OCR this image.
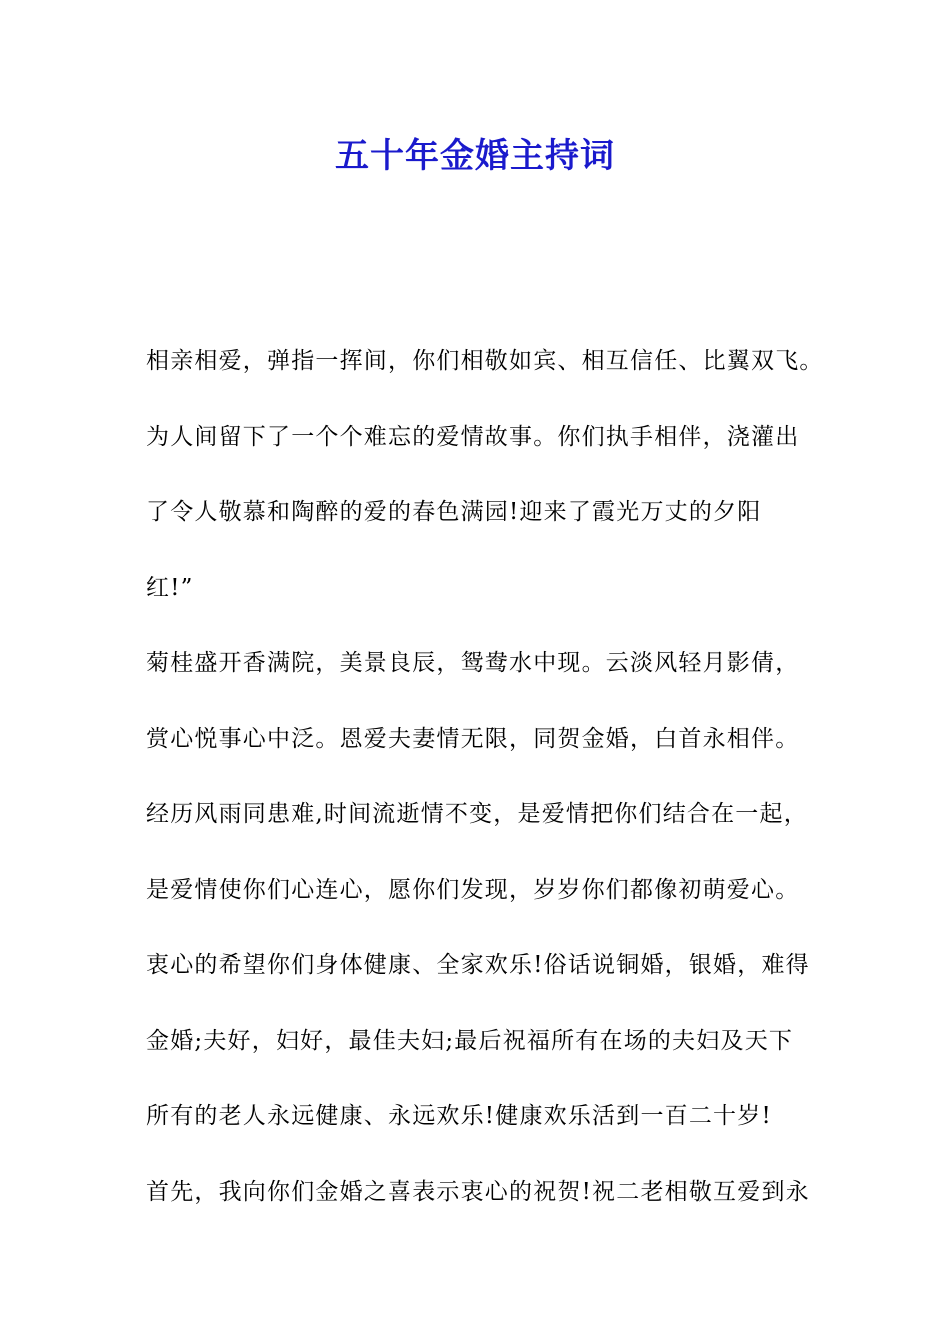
五十年金婚主持词
相亲相爱，弹指一挥间，你们相敬如宾、相互信任、比翼双飞。
为人间留下了一个个难忘的爱情故事。你们执手相伴，浇灌出
了令人敬慕和陶醉的爱的春色满园!迎来了霞光万丈的夕阳
红!”
菊桂盛开香满院，美景良辰，鸳鸯水中现。云淡风轻月影倩，
赏心悦事心中泛。恩爱夫妻情无限，同贺金婚，白首永相伴。
经历风雨同患难,时间流逝情不变，是爱情把你们结合在一起，
是爱情使你们心连心，愿你们发现，岁岁你们都像初萌爱心。
衷心的希望你们身体健康、全家欢乐!俗话说铜婚，银婚，难得
金婚;夫好，妇好，最佳夫妇;最后祝福所有在场的夫妇及天下
所有的老人永远健康、永远欢乐!健康欢乐活到一百二十岁!
首先，我向你们金婚之喜表示衷心的祝贺!祝二老相敬互爱到永
